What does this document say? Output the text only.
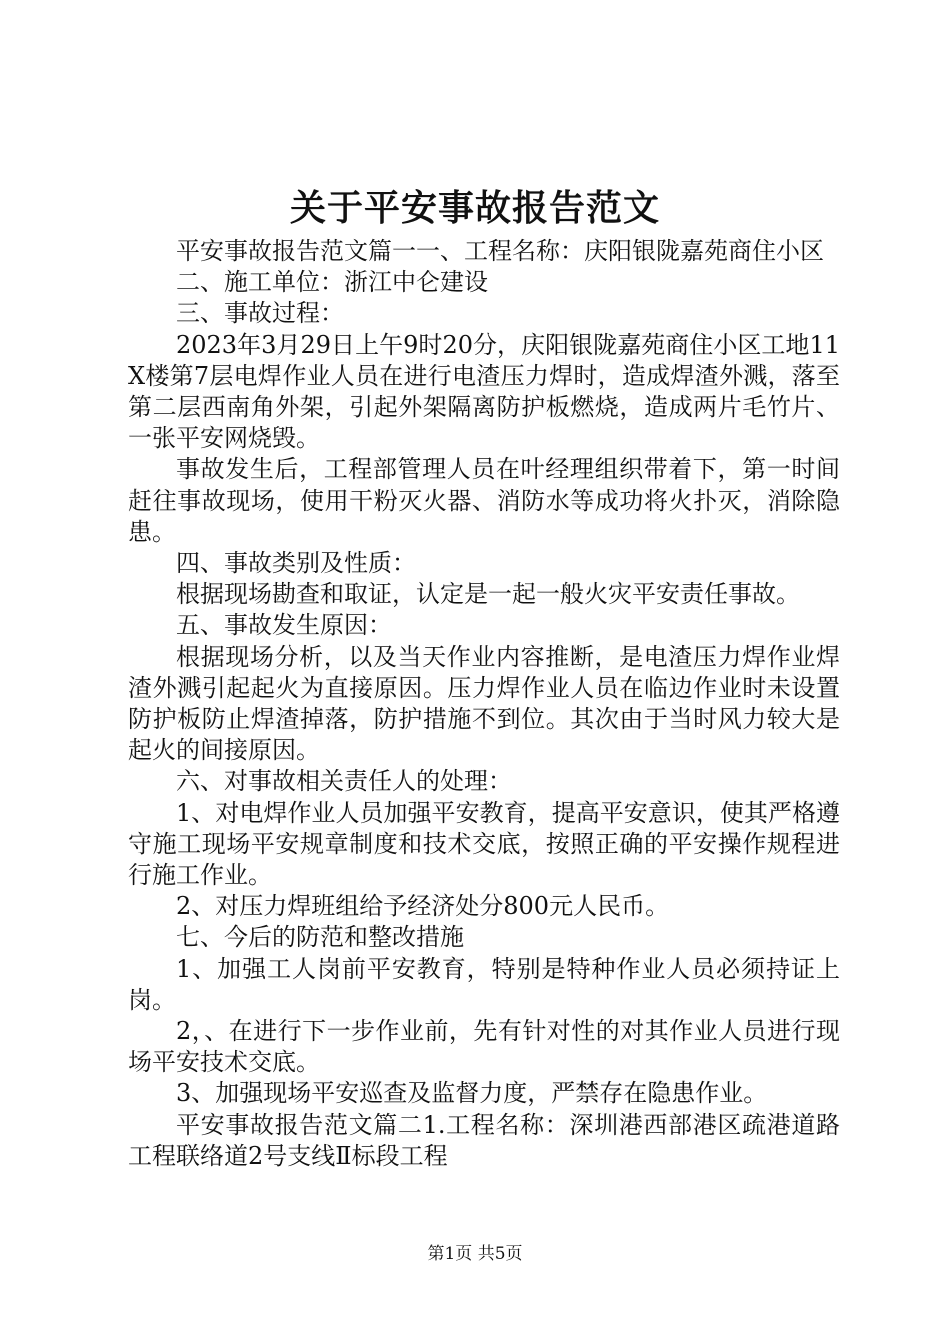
关于平安事故报告范文

平安事故报告范文篇一一、工程名称：庆阳银陇嘉苑商住小区

二、施工单位：浙江中仑建设

三、事故过程：

2023年3月29日上午9时20分，庆阳银陇嘉苑商住小区工地11X楼第7层电焊作业人员在进行电渣压力焊时，造成焊渣外溅，落至第二层西南角外架，引起外架隔离防护板燃烧，造成两片毛竹片、一张平安网烧毁。

事故发生后，工程部管理人员在叶经理组织带着下，第一时间赶往事故现场，使用干粉灭火器、消防水等成功将火扑灭，消除隐患。

四、事故类别及性质：

根据现场勘查和取证，认定是一起一般火灾平安责任事故。

五、事故发生原因：

根据现场分析，以及当天作业内容推断，是电渣压力焊作业焊渣外溅引起起火为直接原因。压力焊作业人员在临边作业时未设置防护板防止焊渣掉落，防护措施不到位。其次由于当时风力较大是起火的间接原因。

六、对事故相关责任人的处理：

1、对电焊作业人员加强平安教育，提高平安意识，使其严格遵守施工现场平安规章制度和技术交底，按照正确的平安操作规程进行施工作业。

2、对压力焊班组给予经济处分800元人民币。

七、今后的防范和整改措施

1、加强工人岗前平安教育，特别是特种作业人员必须持证上岗。

2，、在进行下一步作业前，先有针对性的对其作业人员进行现场平安技术交底。

3、加强现场平安巡查及监督力度，严禁存在隐患作业。

平安事故报告范文篇二1.工程名称：深圳港西部港区疏港道路工程联络道2号支线Ⅱ标段工程

第1页 共5页
